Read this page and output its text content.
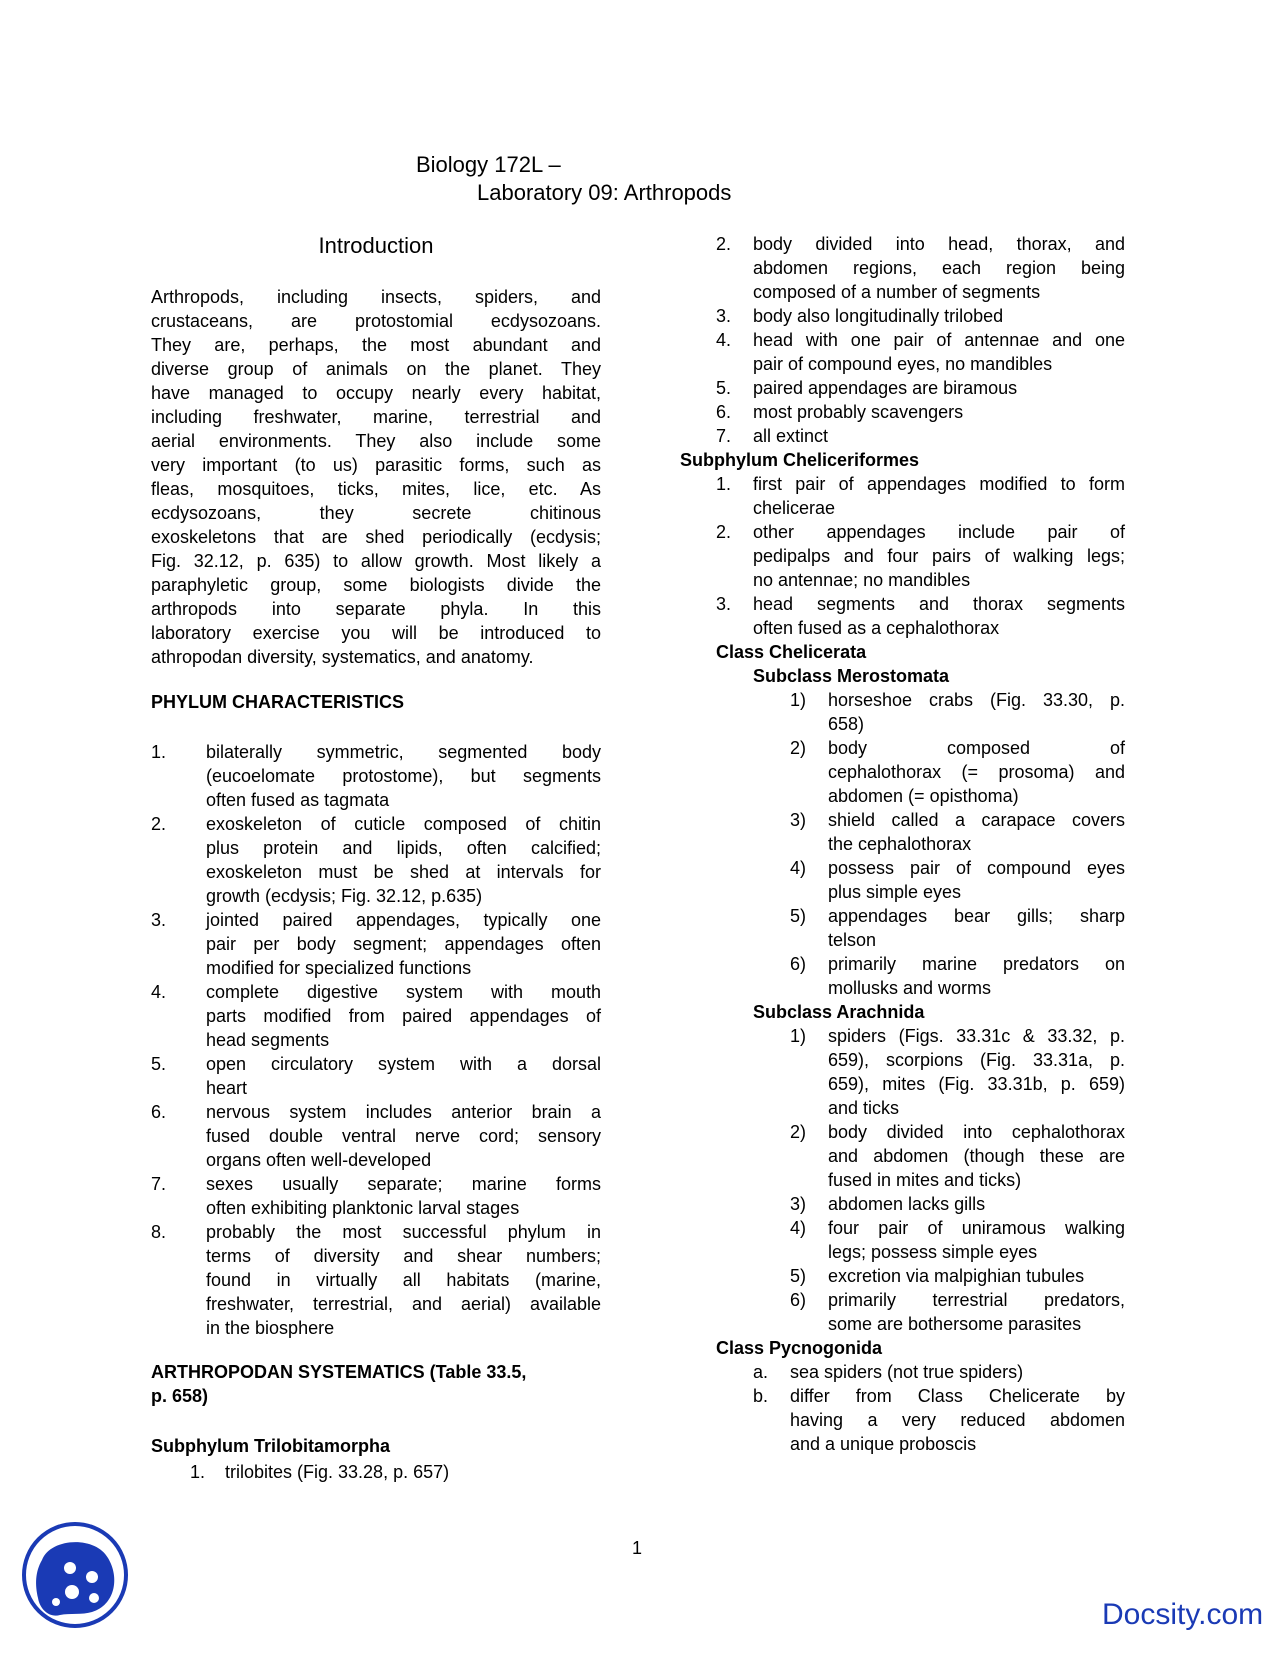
Biology 172L –
Laboratory 09: Arthropods
Introduction
Arthropods, including insects, spiders, and
crustaceans, are protostomial ecdysozoans.
They are, perhaps, the most abundant and
diverse group of animals on the planet. They
have managed to occupy nearly every habitat,
including freshwater, marine, terrestrial and
aerial environments. They also include some
very important (to us) parasitic forms, such as
fleas, mosquitoes, ticks, mites, lice, etc. As
ecdysozoans, they secrete chitinous
exoskeletons that are shed periodically (ecdysis;
Fig. 32.12, p. 635) to allow growth. Most likely a
paraphyletic group, some biologists divide the
arthropods into separate phyla. In this
laboratory exercise you will be introduced to
athropodan diversity, systematics, and anatomy.
PHYLUM CHARACTERISTICS
1. bilaterally symmetric, segmented body
(eucoelomate protostome), but segments
often fused as tagmata
2. exoskeleton of cuticle composed of chitin
plus protein and lipids, often calcified;
exoskeleton must be shed at intervals for
growth (ecdysis; Fig. 32.12, p.635)
3. jointed paired appendages, typically one
pair per body segment; appendages often
modified for specialized functions
4. complete digestive system with mouth
parts modified from paired appendages of
head segments
5. open circulatory system with a dorsal
heart
6. nervous system includes anterior brain a
fused double ventral nerve cord; sensory
organs often well-developed
7. sexes usually separate; marine forms
often exhibiting planktonic larval stages
8. probably the most successful phylum in
terms of diversity and shear numbers;
found in virtually all habitats (marine,
freshwater, terrestrial, and aerial) available
in the biosphere
ARTHROPODAN SYSTEMATICS (Table 33.5,
p. 658)
Subphylum Trilobitamorpha
1. trilobites (Fig. 33.28, p. 657)
2. body divided into head, thorax, and
abdomen regions, each region being
composed of a number of segments
3. body also longitudinally trilobed
4. head with one pair of antennae and one
pair of compound eyes, no mandibles
5. paired appendages are biramous
6. most probably scavengers
7. all extinct
Subphylum Cheliceriformes
1. first pair of appendages modified to form
chelicerae
2. other appendages include pair of
pedipalps and four pairs of walking legs;
no antennae; no mandibles
3. head segments and thorax segments
often fused as a cephalothorax
Class Chelicerata
Subclass Merostomata
1) horseshoe crabs (Fig. 33.30, p.
658)
2) body composed of
cephalothorax (= prosoma) and
abdomen (= opisthoma)
3) shield called a carapace covers
the cephalothorax
4) possess pair of compound eyes
plus simple eyes
5) appendages bear gills; sharp
telson
6) primarily marine predators on
mollusks and worms
Subclass Arachnida
1) spiders (Figs. 33.31c & 33.32, p.
659), scorpions (Fig. 33.31a, p.
659), mites (Fig. 33.31b, p. 659)
and ticks
2) body divided into cephalothorax
and abdomen (though these are
fused in mites and ticks)
3) abdomen lacks gills
4) four pair of uniramous walking
legs; possess simple eyes
5) excretion via malpighian tubules
6) primarily terrestrial predators,
some are bothersome parasites
Class Pycnogonida
a. sea spiders (not true spiders)
b. differ from Class Chelicerate by
having a very reduced abdomen
and a unique proboscis
1
Docsity.com
